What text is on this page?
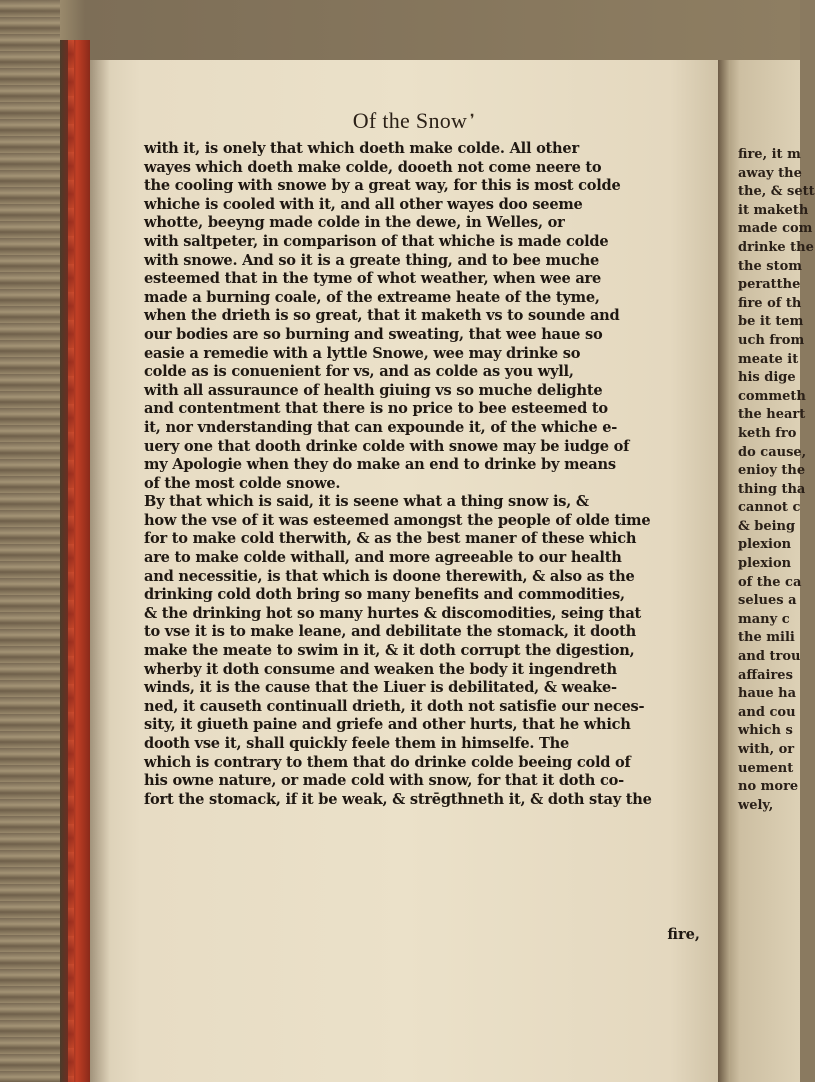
Of the Snow ❜
with it, is onely that which doeth make colde. All other
wayes which doeth make colde, dooeth not come neere to
the cooling with snowe by a great way, for this is most colde
whiche is cooled with it, and all other wayes doo seeme
whotte, beeyng made colde in the dewe, in Welles, or
with saltpeter, in comparison of that whiche is made colde
with snowe. And so it is a greate thing, and to bee muche
esteemed that in the tyme of whot weather, when wee are
made a burning coale, of the extreame heate of the tyme,
when the drieth is so great, that it maketh vs to sounde and
our bodies are so burning and sweating, that wee haue so
easie a remedie with a lyttle Snowe, wee may drinke so
colde as is conuenient for vs, and as colde as you wyll,
with all assuraunce of health giuing vs so muche delighte
and contentment that there is no price to bee esteemed to
it, nor vnderstanding that can expounde it, of the whiche e-
uery one that dooth drinke colde with snowe may be iudge of
my Apologie when they do make an end to drinke by means
of the most colde snowe.
By that which is said, it is seene what a thing snow is, &
how the vse of it was esteemed amongst the people of olde time
for to make cold therwith, & as the best maner of these which
are to make colde withall, and more agreeable to our health
and necessitie, is that which is doone therewith, & also as the
drinking cold doth bring so many benefits and commodities,
& the drinking hot so many hurtes & discomodities, seing that
to vse it is to make leane, and debilitate the stomack, it dooth
make the meate to swim in it, & it doth corrupt the digestion,
wherby it doth consume and weaken the body it ingendreth
winds, it is the cause that the Liuer is debilitated, & weake-
ned, it causeth continuall drieth, it doth not satisfie our neces-
sity, it giueth paine and griefe and other hurts, that he which
dooth vse it, shall quickly feele them in himselfe. The
which is contrary to them that do drinke colde beeing cold of
his owne nature, or made cold with snow, for that it doth co-
fort the stomack, if it be weak, & strēgthneth it, & doth stay the
fire,
fire, it m
away the
the, & sett
it maketh
made com
drinke the
the stom
peratthe
fire of th
be it tem
uch from
meate it
his dige
commeth
the heart
keth fro
do cause,
enioy the
thing tha
cannot c
& being
plexion
plexion
of the ca
selues a
many c
the mili
and trou
affaires
haue ha
and cou
which s
with, or
uement
no more
wely,
